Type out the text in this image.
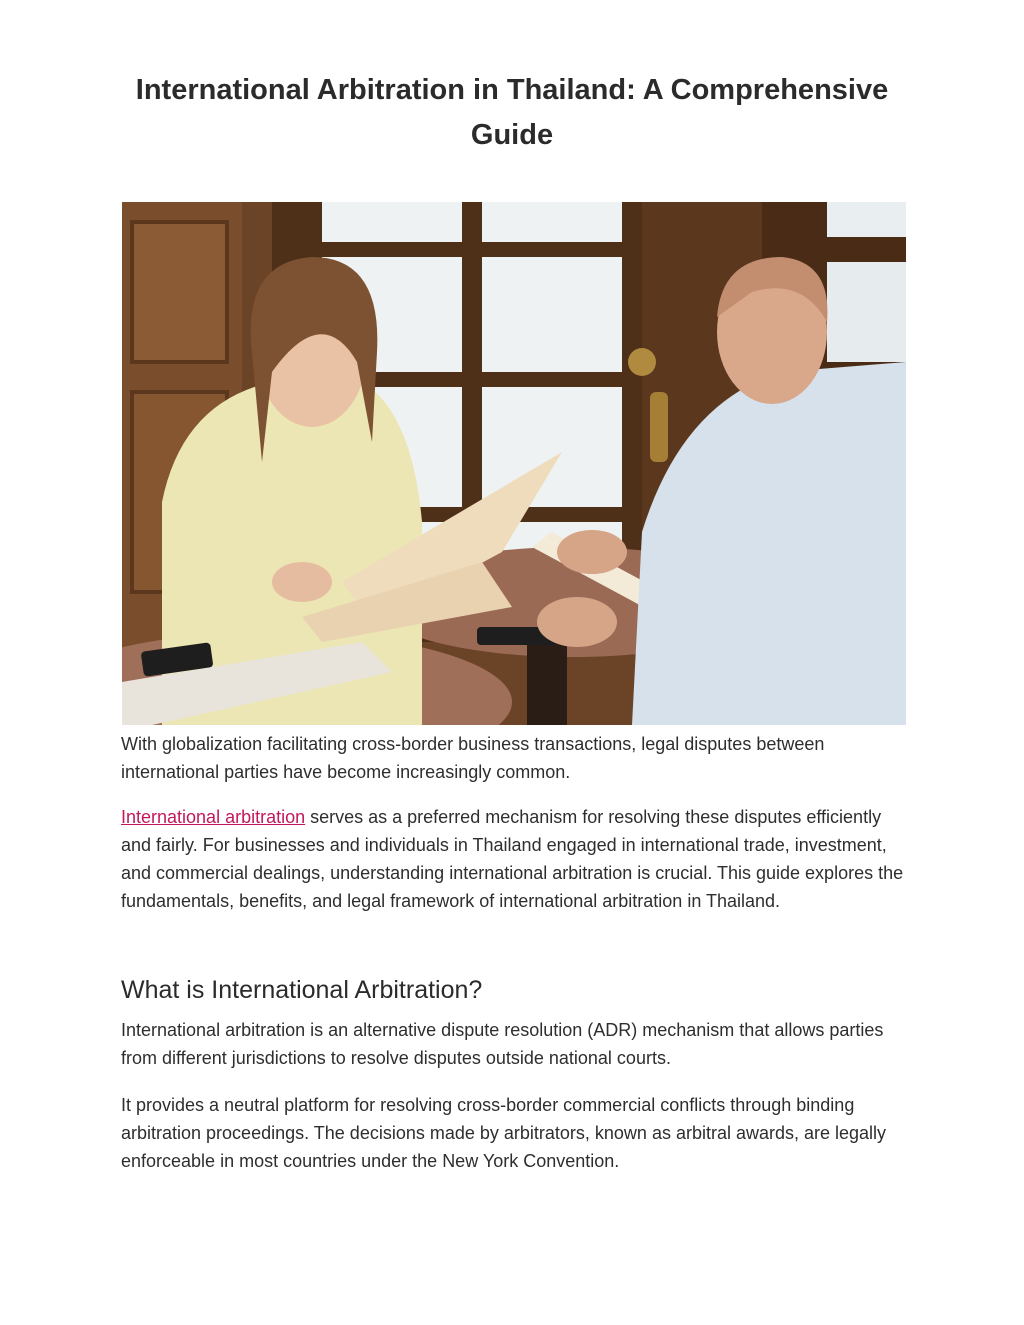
International Arbitration in Thailand: A Comprehensive Guide

With globalization facilitating cross-border business transactions, legal disputes between international parties have become increasingly common.

International arbitration serves as a preferred mechanism for resolving these disputes efficiently and fairly. For businesses and individuals in Thailand engaged in international trade, investment, and commercial dealings, understanding international arbitration is crucial. This guide explores the fundamentals, benefits, and legal framework of international arbitration in Thailand.

What is International Arbitration?

International arbitration is an alternative dispute resolution (ADR) mechanism that allows parties from different jurisdictions to resolve disputes outside national courts.

It provides a neutral platform for resolving cross-border commercial conflicts through binding arbitration proceedings. The decisions made by arbitrators, known as arbitral awards, are legally enforceable in most countries under the New York Convention.
